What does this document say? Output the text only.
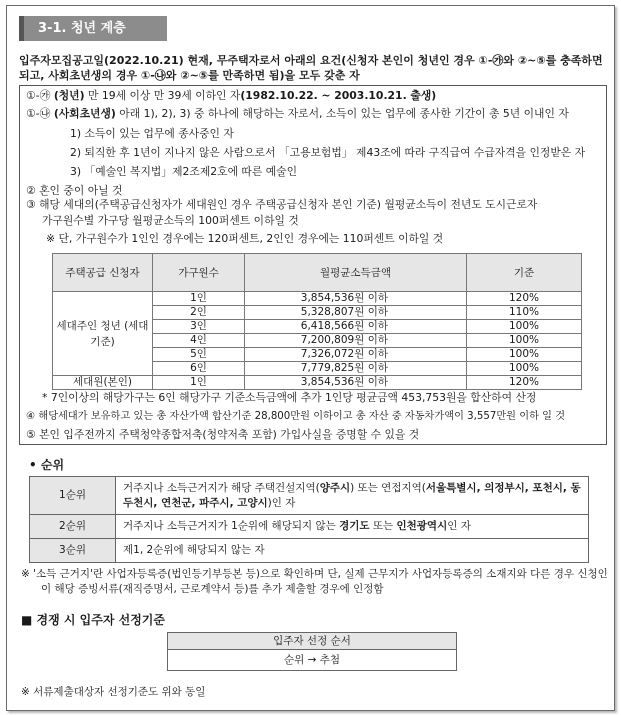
3-1. 청년 계층
입주자모집공고일(2022.10.21) 현재, 무주택자로서 아래의 요건(신청자 본인이 청년인 경우 ①-㉮와 ②~⑤를 충족하면 되고, 사회초년생의 경우 ①-㉯와 ②~⑤를 만족하면 됨)을 모두 갖춘 자
①-㉮ (청년) 만 19세 이상 만 39세 이하인 자(1982.10.22. ~ 2003.10.21. 출생)
①-㉯ (사회초년생) 아래 1), 2), 3) 중 하나에 해당하는 자로서, 소득이 있는 업무에 종사한 기간이 총 5년 이내인 자
1) 소득이 있는 업무에 종사중인 자
2) 퇴직한 후 1년이 지나지 않은 사람으로서 「고용보험법」 제43조에 따라 구직급여 수급자격을 인정받은 자
3) 「예술인 복지법」제2조제2호에 따른 예술인
② 혼인 중이 아닐 것
③ 해당 세대의(주택공급신청자가 세대원인 경우 주택공급신청자 본인 기준) 월평균소득이 전년도 도시근로자
가구원수별 가구당 월평균소득의 100퍼센트 이하일 것
※ 단, 가구원수가 1인인 경우에는 120퍼센트, 2인인 경우에는 110퍼센트 이하일 것
주택공급 신청자	가구원수	월평균소득금액	기준
세대주인 청년 (세대기준)	1인	3,854,536원 이하	120%
	2인	5,328,807원 이하	110%
	3인	6,418,566원 이하	100%
	4인	7,200,809원 이하	100%
	5인	7,326,072원 이하	100%
	6인	7,779,825원 이하	100%
세대원(본인)	1인	3,854,536원 이하	120%
* 7인이상의 해당가구는 6인 해당가구 기준소득금액에 추가 1인당 평균금액 453,753원을 합산하여 산정
④ 해당세대가 보유하고 있는 총 자산가액 합산기준 28,800만원 이하이고 총 자산 중 자동차가액이 3,557만원 이하 일 것
⑤ 본인 입주전까지 주택청약종합저축(청약저축 포함) 가입사실을 증명할 수 있을 것
• 순위
1순위	거주지나 소득근거지가 해당 주택건설지역(양주시) 또는 연접지역(서울특별시, 의정부시, 포천시, 동두천시, 연천군, 파주시, 고양시)인 자
2순위	거주지나 소득근거지가 1순위에 해당되지 않는 경기도 또는 인천광역시인 자
3순위	제1, 2순위에 해당되지 않는 자
※ '소득 근거지'란 사업자등록증(법인등기부등본 등)으로 확인하며 단, 실제 근무지가 사업자등록증의 소재지와 다른 경우 신청인이 해당 증빙서류(재직증명서, 근로계약서 등)를 추가 제출할 경우에 인정함
■ 경쟁 시 입주자 선정기준
입주자 선정 순서
순위 → 추첨
※ 서류제출대상자 선정기준도 위와 동일
